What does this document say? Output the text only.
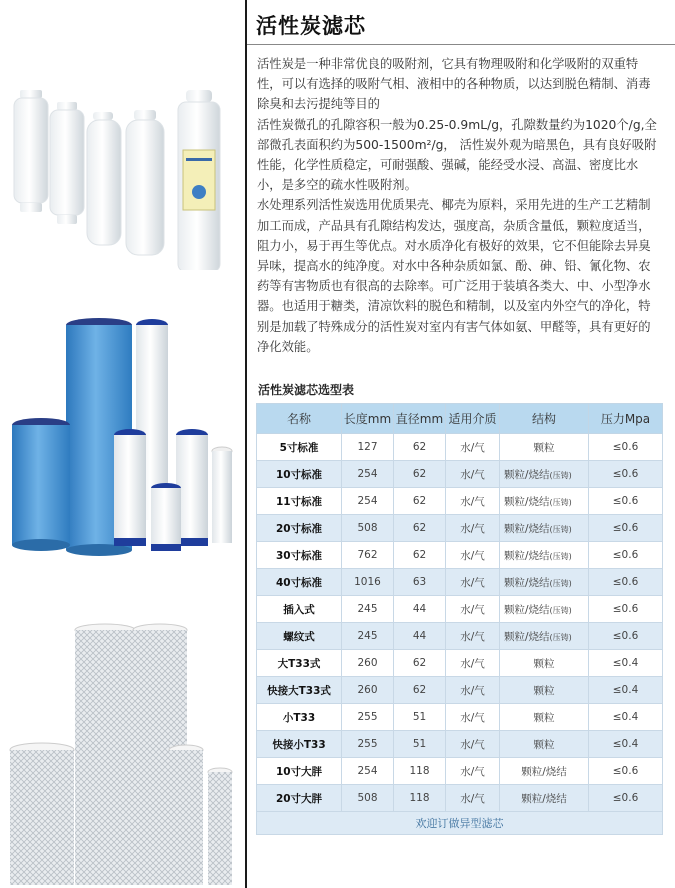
活性炭滤芯

活性炭是一种非常优良的吸附剂，它具有物理吸附和化学吸附的双重特性，可以有选择的吸附气相、液相中的各种物质，以达到脱色精制、消毒除臭和去污提纯等目的

活性炭微孔的孔隙容积一般为0.25-0.9mL/g，孔隙数量约为1020个/g,全部微孔表面积约为500-1500m²/g， 活性炭外观为暗黑色，具有良好吸附性能，化学性质稳定，可耐强酸、强碱，能经受水浸、高温、密度比水小，是多空的疏水性吸附剂。

水处理系列活性炭选用优质果壳、椰壳为原料，采用先进的生产工艺精制加工而成，产品具有孔隙结构发达，强度高，杂质含量低，颗粒度适当，阻力小，易于再生等优点。对水质净化有极好的效果，它不但能除去异臭异味，提高水的纯净度。对水中各种杂质如氯、酚、砷、铅、氰化物、农药等有害物质也有很高的去除率。可广泛用于装填各类大、中、小型净水器。也适用于糖类，清凉饮料的脱色和精制，以及室内外空气的净化，特别是加载了特殊成分的活性炭对室内有害气体如氨、甲醛等，具有更好的净化效能。

活性炭滤芯选型表
名称	长度mm	直径mm	适用介质	结构	压力Mpa
5寸标准	127	62	水/气	颗粒	≤0.6
10寸标准	254	62	水/气	颗粒/烧结(压铸)	≤0.6
11寸标准	254	62	水/气	颗粒/烧结(压铸)	≤0.6
20寸标准	508	62	水/气	颗粒/烧结(压铸)	≤0.6
30寸标准	762	62	水/气	颗粒/烧结(压铸)	≤0.6
40寸标准	1016	63	水/气	颗粒/烧结(压铸)	≤0.6
插入式	245	44	水/气	颗粒/烧结(压铸)	≤0.6
螺纹式	245	44	水/气	颗粒/烧结(压铸)	≤0.6
大T33式	260	62	水/气	颗粒	≤0.4
快接大T33式	260	62	水/气	颗粒	≤0.4
小T33	255	51	水/气	颗粒	≤0.4
快接小T33	255	51	水/气	颗粒	≤0.4
10寸大胖	254	118	水/气	颗粒/烧结	≤0.6
20寸大胖	508	118	水/气	颗粒/烧结	≤0.6
欢迎订做异型滤芯					
